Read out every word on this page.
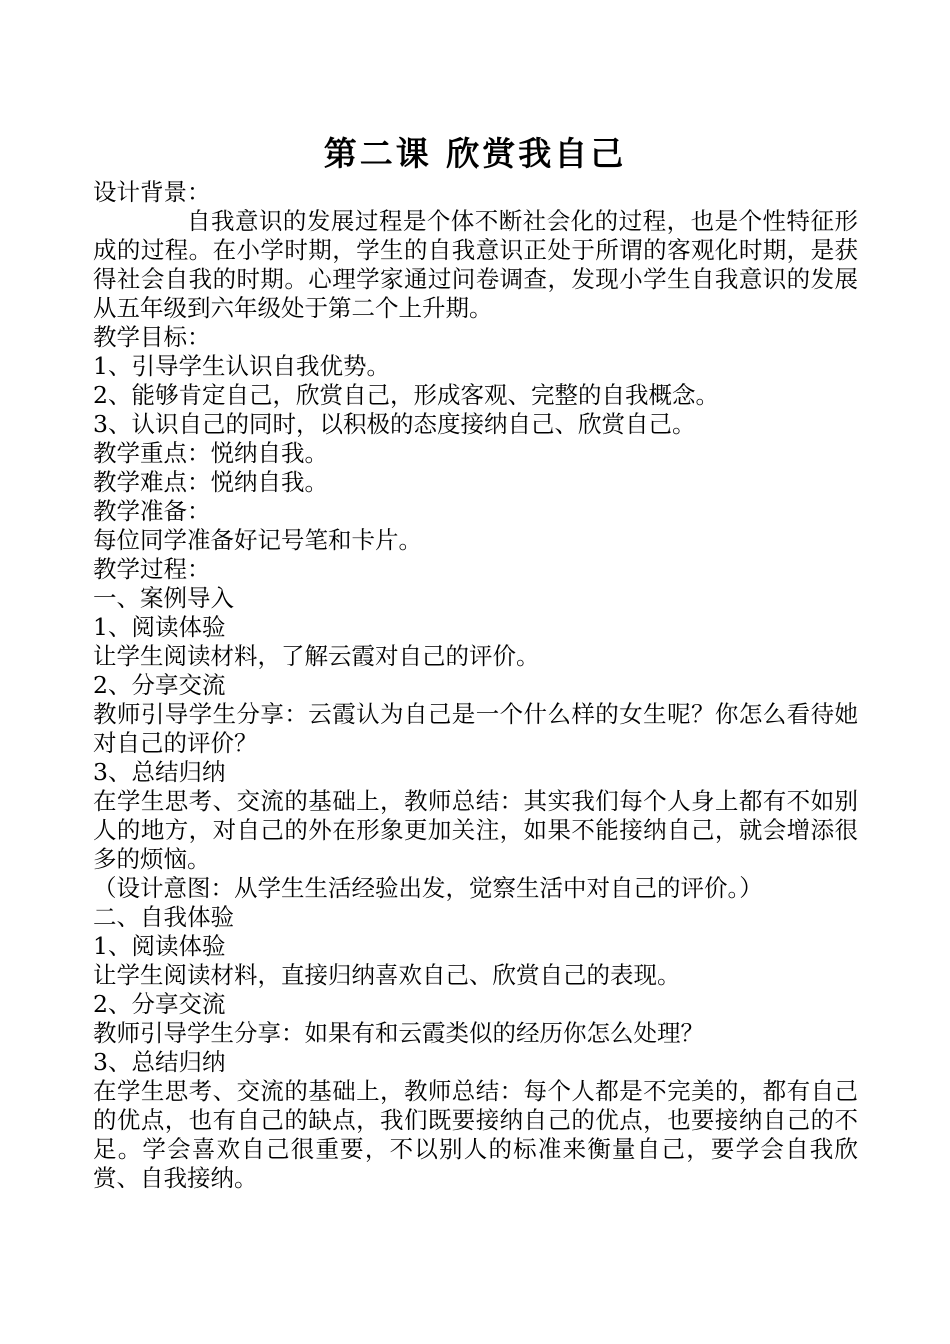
第二课 欣赏我自己
设计背景：
自我意识的发展过程是个体不断社会化的过程，也是个性特征形成的过程。在小学时期，学生的自我意识正处于所谓的客观化时期，是获得社会自我的时期。心理学家通过问卷调查，发现小学生自我意识的发展从五年级到六年级处于第二个上升期。
教学目标：
1、引导学生认识自我优势。
2、能够肯定自己，欣赏自己，形成客观、完整的自我概念。
3、认识自己的同时，以积极的态度接纳自己、欣赏自己。
教学重点：悦纳自我。
教学难点：悦纳自我。
教学准备：
每位同学准备好记号笔和卡片。
教学过程：
一、案例导入
1、阅读体验
让学生阅读材料，了解云霞对自己的评价。
2、分享交流
教师引导学生分享：云霞认为自己是一个什么样的女生呢？你怎么看待她对自己的评价？
3、总结归纳
在学生思考、交流的基础上，教师总结：其实我们每个人身上都有不如别人的地方，对自己的外在形象更加关注，如果不能接纳自己，就会增添很多的烦恼。
（设计意图：从学生生活经验出发，觉察生活中对自己的评价。）
二、自我体验
1、阅读体验
让学生阅读材料，直接归纳喜欢自己、欣赏自己的表现。
2、分享交流
教师引导学生分享：如果有和云霞类似的经历你怎么处理？
3、总结归纳
在学生思考、交流的基础上，教师总结：每个人都是不完美的，都有自己的优点，也有自己的缺点，我们既要接纳自己的优点，也要接纳自己的不足。学会喜欢自己很重要，不以别人的标准来衡量自己，要学会自我欣赏、自我接纳。
